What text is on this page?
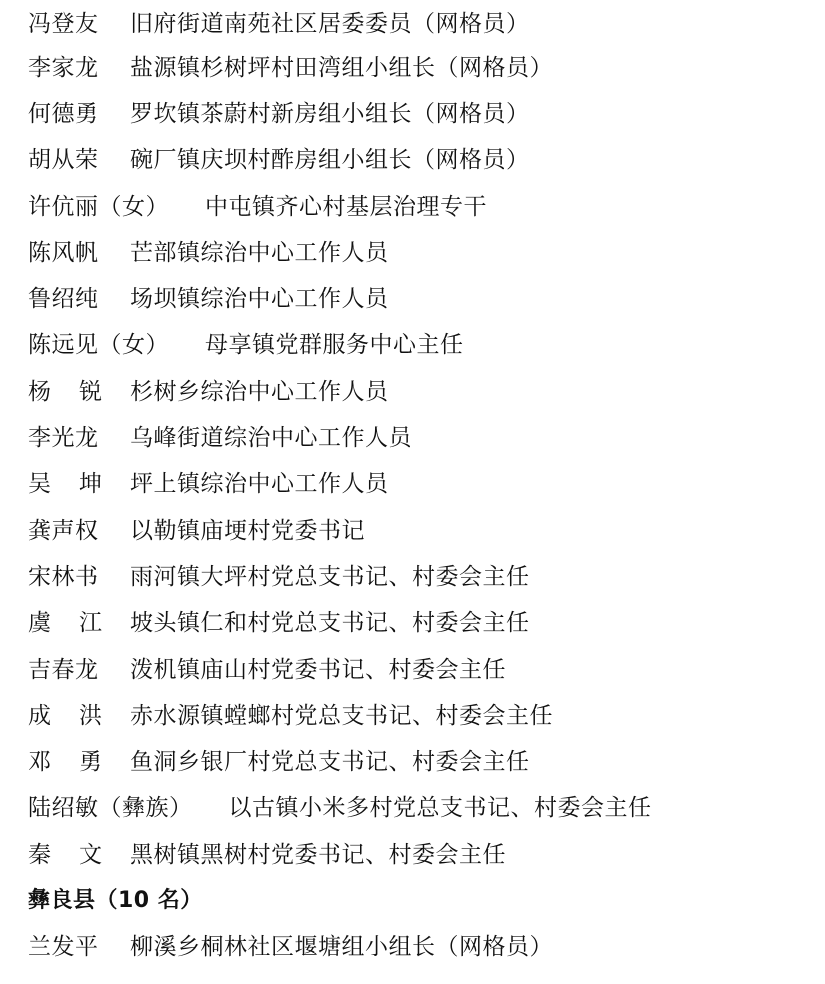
冯登友	旧府街道南苑社区居委委员（网格员）
李家龙	盐源镇杉树坪村田湾组小组长（网格员）
何德勇	罗坎镇茶蔚村新房组小组长（网格员）
胡从荣	碗厂镇庆坝村酢房组小组长（网格员）
许伉丽（女） 中屯镇齐心村基层治理专干
陈风帆	芒部镇综治中心工作人员
鲁绍纯	场坝镇综治中心工作人员
陈远见（女） 母享镇党群服务中心主任
杨锐 杉树乡综治中心工作人员
李光龙	乌峰街道综治中心工作人员
吴坤 坪上镇综治中心工作人员
龚声权	以勒镇庙埂村党委书记
宋林书	雨河镇大坪村党总支书记、村委会主任
虞江 坡头镇仁和村党总支书记、村委会主任
吉春龙	泼机镇庙山村党委书记、村委会主任
成洪 赤水源镇螳螂村党总支书记、村委会主任
邓勇 鱼洞乡银厂村党总支书记、村委会主任
陆绍敏（彝族） 以古镇小米多村党总支书记、村委会主任
秦文 黑树镇黑树村党委书记、村委会主任
彝良县（10 名）
兰发平	柳溪乡桐林社区堰塘组小组长（网格员）
